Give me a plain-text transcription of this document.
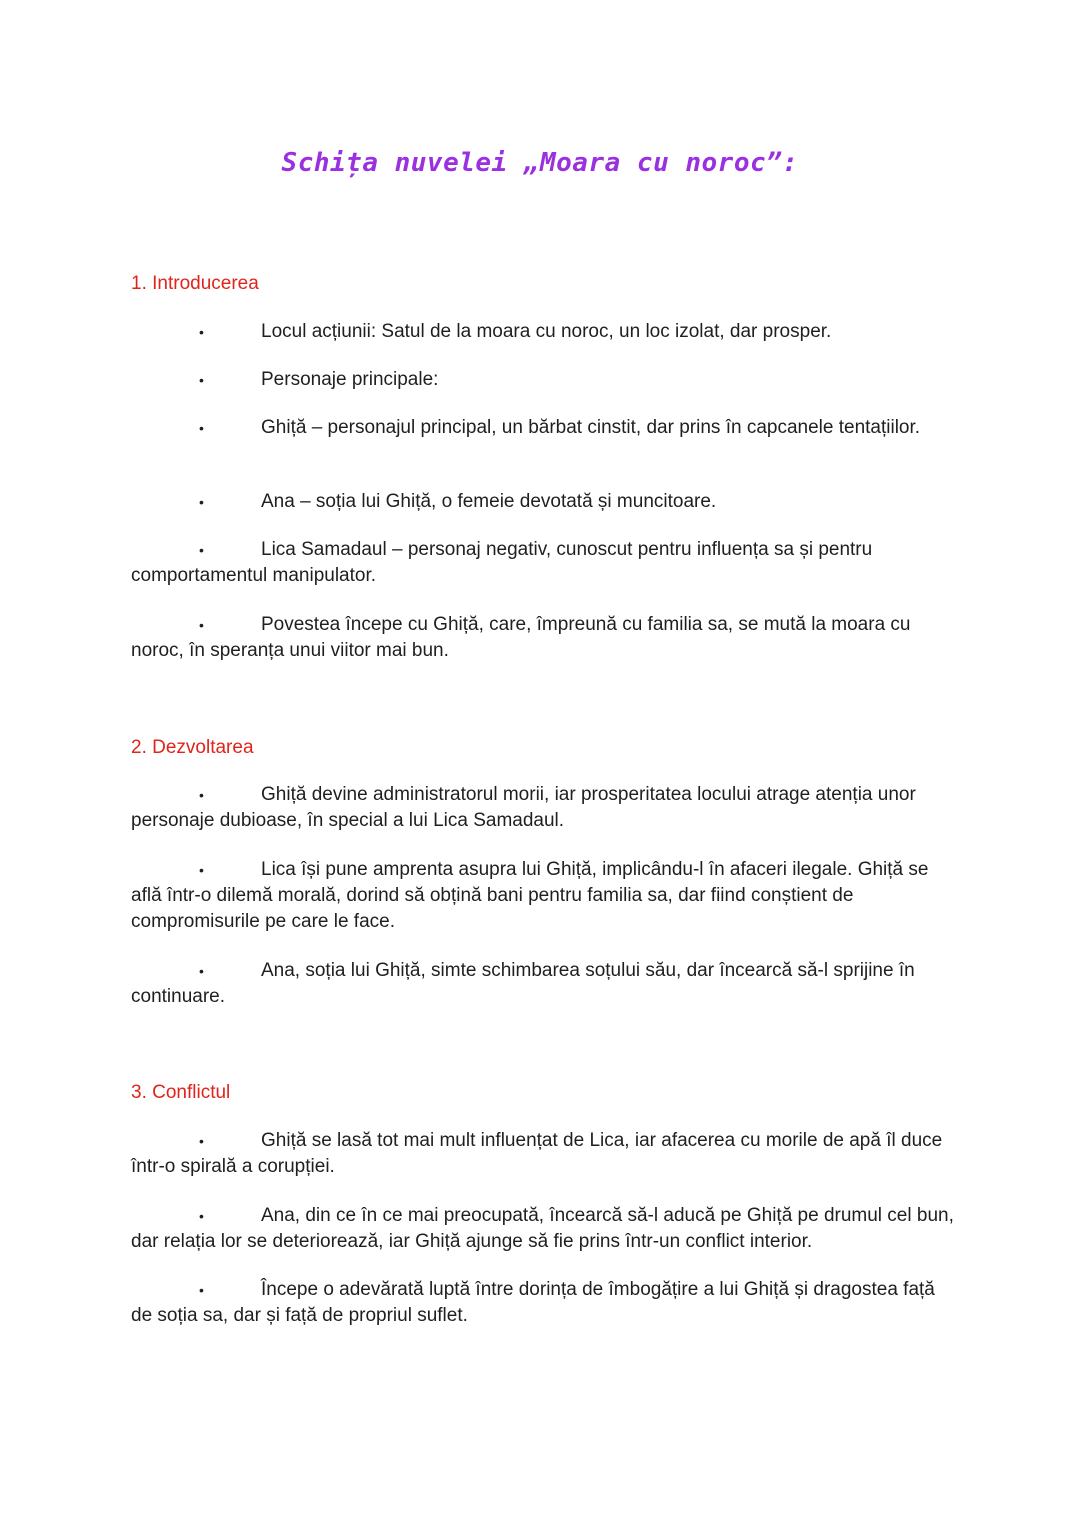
Schița nuvelei „Moara cu noroc”:
1. Introducerea
•	Locul acțiunii: Satul de la moara cu noroc, un loc izolat, dar prosper.
•	Personaje principale:
•	Ghiță – personajul principal, un bărbat cinstit, dar prins în capcanele tentațiilor.
•	Ana – soția lui Ghiță, o femeie devotată și muncitoare.
•	Lica Samadaul – personaj negativ, cunoscut pentru influența sa și pentru comportamentul manipulator.
•	Povestea începe cu Ghiță, care, împreună cu familia sa, se mută la moara cu noroc, în speranța unui viitor mai bun.
2. Dezvoltarea
•	Ghiță devine administratorul morii, iar prosperitatea locului atrage atenția unor personaje dubioase, în special a lui Lica Samadaul.
•	Lica își pune amprenta asupra lui Ghiță, implicându-l în afaceri ilegale. Ghiță se află într-o dilemă morală, dorind să obțină bani pentru familia sa, dar fiind conștient de compromisurile pe care le face.
•	Ana, soția lui Ghiță, simte schimbarea soțului său, dar încearcă să-l sprijine în continuare.
3. Conflictul
•	Ghiță se lasă tot mai mult influențat de Lica, iar afacerea cu morile de apă îl duce într-o spirală a corupției.
•	Ana, din ce în ce mai preocupată, încearcă să-l aducă pe Ghiță pe drumul cel bun, dar relația lor se deteriorează, iar Ghiță ajunge să fie prins într-un conflict interior.
•	Începe o adevărată luptă între dorința de îmbogățire a lui Ghiță și dragostea față de soția sa, dar și față de propriul suflet.
